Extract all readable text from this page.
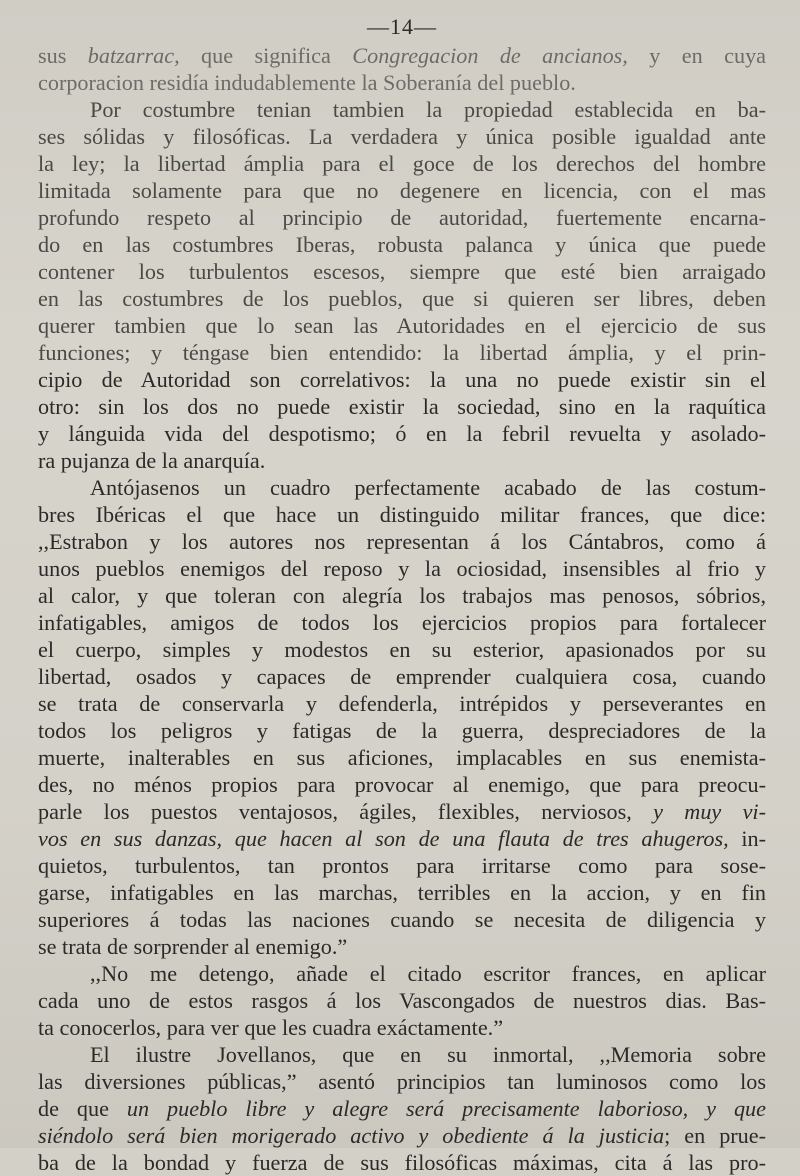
—14—
sus batzarrac, que significa Congregacion de ancianos, y en cuya
corporacion residía indudablemente la Soberanía del pueblo.
Por costumbre tenian tambien la propiedad establecida en ba-
ses sólidas y filosóficas. La verdadera y única posible igualdad ante
la ley; la libertad ámplia para el goce de los derechos del hombre
limitada solamente para que no degenere en licencia, con el mas
profundo respeto al principio de autoridad, fuertemente encarna-
do en las costumbres Iberas, robusta palanca y única que puede
contener los turbulentos escesos, siempre que esté bien arraigado
en las costumbres de los pueblos, que si quieren ser libres, deben
querer tambien que lo sean las Autoridades en el ejercicio de sus
funciones; y téngase bien entendido: la libertad ámplia, y el prin-
cipio de Autoridad son correlativos: la una no puede existir sin el
otro: sin los dos no puede existir la sociedad, sino en la raquítica
y lánguida vida del despotismo; ó en la febril revuelta y asolado-
ra pujanza de la anarquía.
Antójasenos un cuadro perfectamente acabado de las costum-
bres Ibéricas el que hace un distinguido militar frances, que dice:
,,Estrabon y los autores nos representan á los Cántabros, como á
unos pueblos enemigos del reposo y la ociosidad, insensibles al frio y
al calor, y que toleran con alegría los trabajos mas penosos, sóbrios,
infatigables, amigos de todos los ejercicios propios para fortalecer
el cuerpo, simples y modestos en su esterior, apasionados por su
libertad, osados y capaces de emprender cualquiera cosa, cuando
se trata de conservarla y defenderla, intrépidos y perseverantes en
todos los peligros y fatigas de la guerra, despreciadores de la
muerte, inalterables en sus aficiones, implacables en sus enemista-
des, no ménos propios para provocar al enemigo, que para preocu-
parle los puestos ventajosos, ágiles, flexibles, nerviosos, y muy vi-
vos en sus danzas, que hacen al son de una flauta de tres ahugeros, in-
quietos, turbulentos, tan prontos para irritarse como para sose-
garse, infatigables en las marchas, terribles en la accion, y en fin
superiores á todas las naciones cuando se necesita de diligencia y
se trata de sorprender al enemigo.”
,,No me detengo, añade el citado escritor frances, en aplicar
cada uno de estos rasgos á los Vascongados de nuestros dias. Bas-
ta conocerlos, para ver que les cuadra exáctamente.”
El ilustre Jovellanos, que en su inmortal, ,,Memoria sobre
las diversiones públicas,” asentó principios tan luminosos como los
de que un pueblo libre y alegre será precisamente laborioso, y que
siéndolo será bien morigerado activo y obediente á la justicia; en prue-
ba de la bondad y fuerza de sus filosóficas máximas, cita á las pro-
